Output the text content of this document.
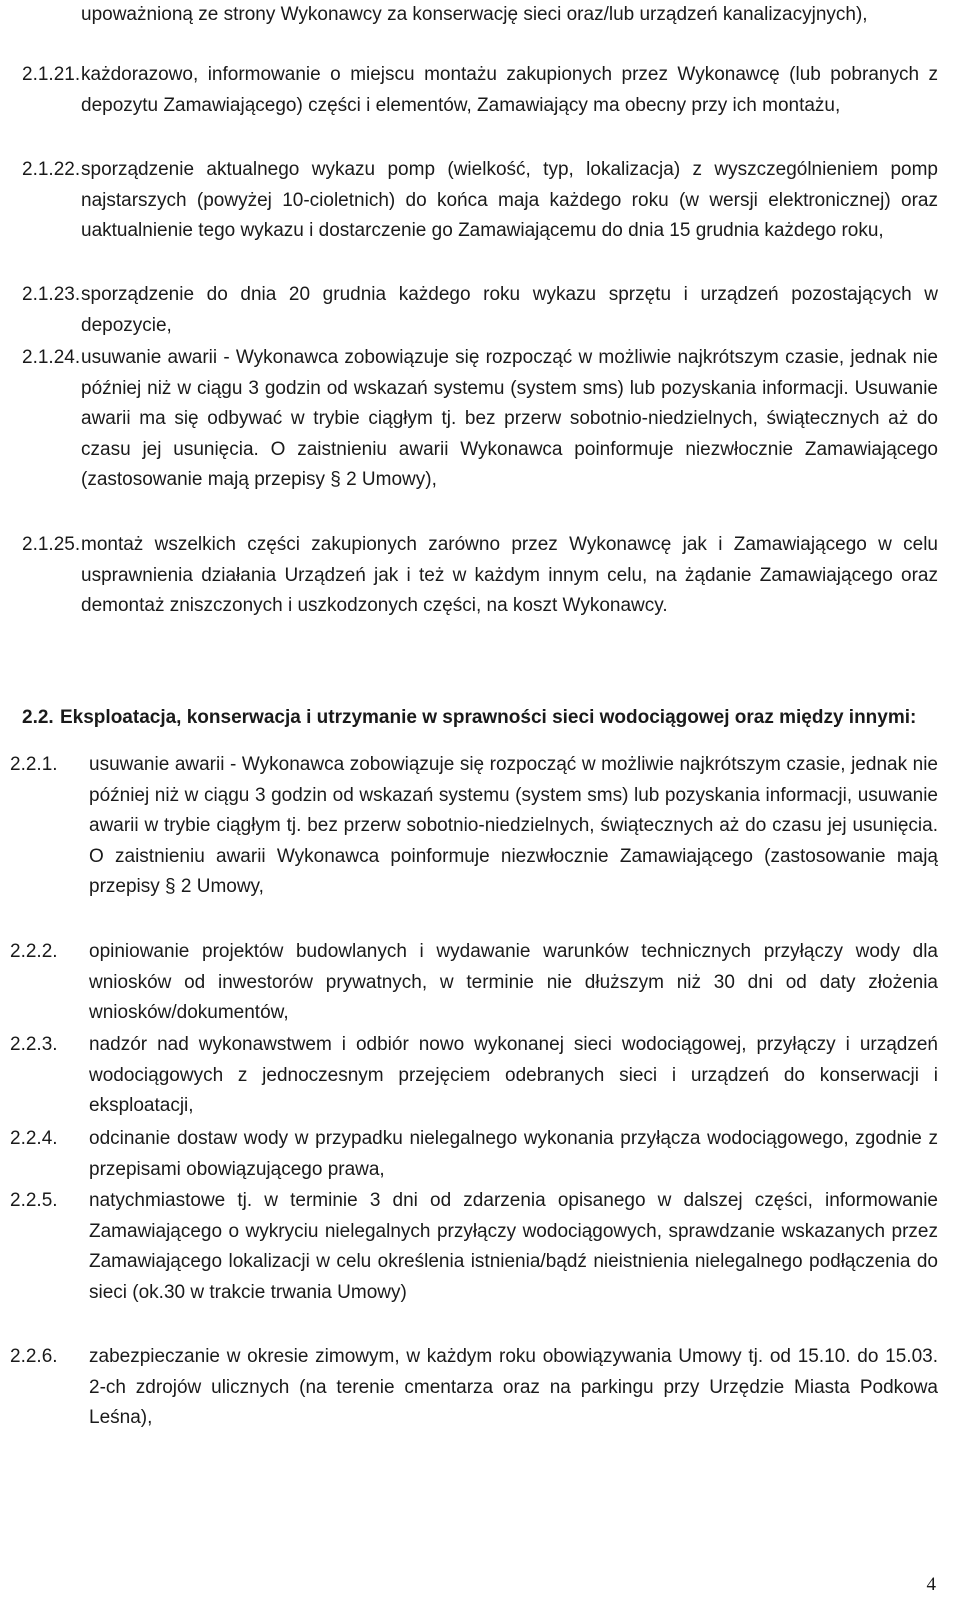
upoważnioną ze strony Wykonawcy za konserwację sieci oraz/lub urządzeń kanalizacyjnych),
2.1.21. każdorazowo, informowanie o miejscu montażu zakupionych przez Wykonawcę (lub pobranych z depozytu Zamawiającego) części i elementów, Zamawiający ma obecny przy ich montażu,
2.1.22. sporządzenie aktualnego wykazu pomp (wielkość, typ, lokalizacja) z wyszczególnieniem pomp najstarszych (powyżej 10-cioletnich) do końca maja każdego roku (w wersji elektronicznej) oraz uaktualnienie tego wykazu i dostarczenie go Zamawiającemu do dnia 15 grudnia każdego roku,
2.1.23. sporządzenie do dnia 20 grudnia każdego roku wykazu sprzętu i urządzeń pozostających w depozycie,
2.1.24. usuwanie awarii - Wykonawca zobowiązuje się rozpocząć w możliwie najkrótszym czasie, jednak nie później niż w ciągu 3 godzin od wskazań systemu (system sms) lub pozyskania informacji. Usuwanie awarii ma się odbywać w trybie ciągłym tj. bez przerw sobotnio-niedzielnych, świątecznych aż do czasu jej usunięcia. O zaistnieniu awarii Wykonawca poinformuje niezwłocznie Zamawiającego (zastosowanie mają przepisy § 2 Umowy),
2.1.25. montaż wszelkich części zakupionych zarówno przez Wykonawcę jak i Zamawiającego w celu usprawnienia działania Urządzeń jak i też w każdym innym celu, na żądanie Zamawiającego oraz demontaż zniszczonych i uszkodzonych części, na koszt Wykonawcy.
2.2. Eksploatacja, konserwacja i utrzymanie w sprawności sieci wodociągowej oraz między innymi:
2.2.1. usuwanie awarii - Wykonawca zobowiązuje się rozpocząć w możliwie najkrótszym czasie, jednak nie później niż w ciągu 3 godzin od wskazań systemu (system sms) lub pozyskania informacji, usuwanie awarii w trybie ciągłym tj. bez przerw sobotnio-niedzielnych, świątecznych aż do czasu jej usunięcia. O zaistnieniu awarii Wykonawca poinformuje niezwłocznie Zamawiającego (zastosowanie mają przepisy § 2 Umowy,
2.2.2. opiniowanie projektów budowlanych i wydawanie warunków technicznych przyłączy wody dla wniosków od inwestorów prywatnych, w terminie nie dłuższym niż 30 dni od daty złożenia wniosków/dokumentów,
2.2.3. nadzór nad wykonawstwem i odbiór nowo wykonanej sieci wodociągowej, przyłączy i urządzeń wodociągowych z jednoczesnym przejęciem odebranych sieci i urządzeń do konserwacji i eksploatacji,
2.2.4. odcinanie dostaw wody w przypadku nielegalnego wykonania przyłącza wodociągowego, zgodnie z przepisami obowiązującego prawa,
2.2.5. natychmiastowe tj. w terminie 3 dni od zdarzenia opisanego w dalszej części, informowanie Zamawiającego o wykryciu nielegalnych przyłączy wodociągowych, sprawdzanie wskazanych przez Zamawiającego lokalizacji w celu określenia istnienia/bądź nieistnienia nielegalnego podłączenia do sieci (ok.30 w trakcie trwania Umowy)
2.2.6. zabezpieczanie w okresie zimowym, w każdym roku obowiązywania Umowy tj. od 15.10. do 15.03. 2-ch zdrojów ulicznych (na terenie cmentarza oraz na parkingu przy Urzędzie Miasta Podkowa Leśna),
4
